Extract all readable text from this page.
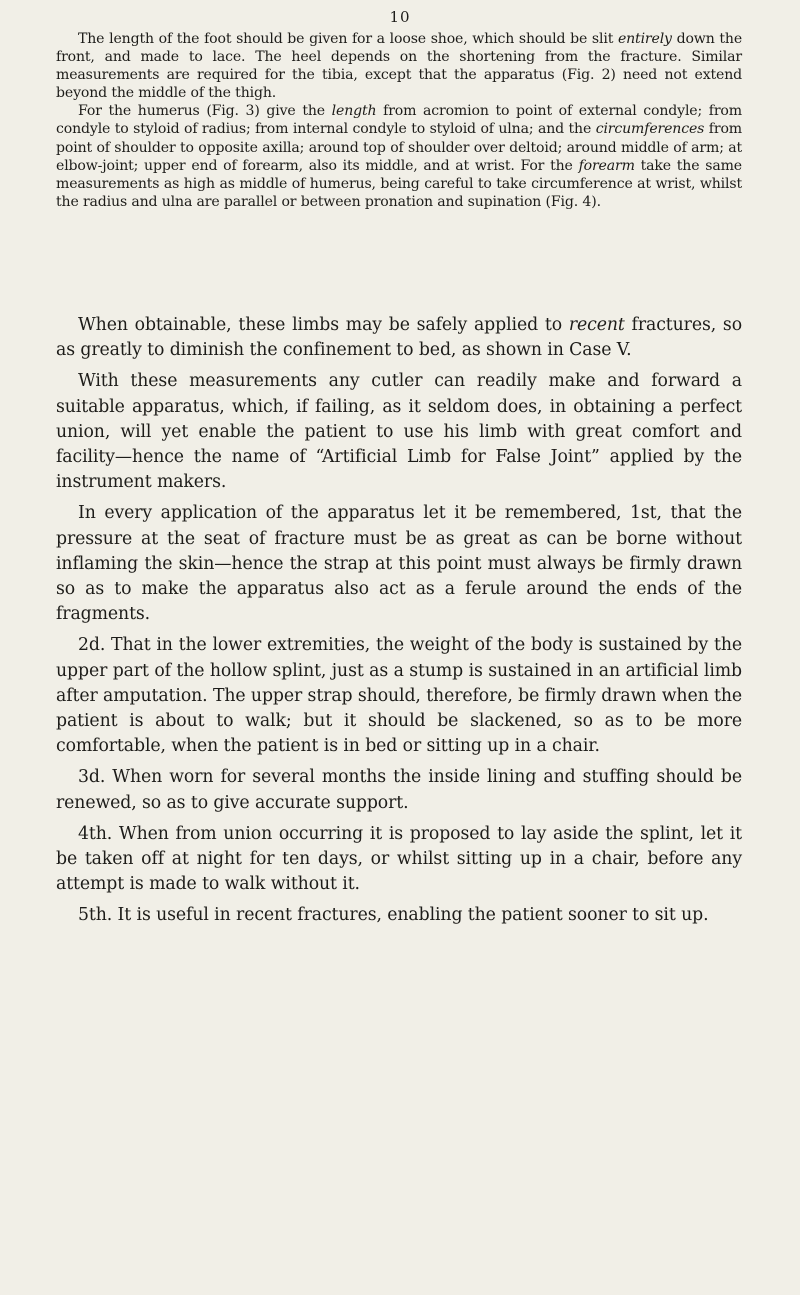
10

The length of the foot should be given for a loose shoe, which should be slit entirely down the front, and made to lace. The heel depends on the shortening from the fracture. Similar measurements are required for the tibia, except that the apparatus (Fig. 2) need not extend beyond the middle of the thigh.

For the humerus (Fig. 3) give the length from acromion to point of external condyle; from condyle to styloid of radius; from internal condyle to styloid of ulna; and the circumferences from point of shoulder to opposite axilla; around top of shoulder over deltoid; around middle of arm; at elbow-joint; upper end of forearm, also its middle, and at wrist. For the forearm take the same measurements as high as middle of humerus, being careful to take circumference at wrist, whilst the radius and ulna are parallel or between pronation and supination (Fig. 4).

When obtainable, these limbs may be safely applied to recent fractures, so as greatly to diminish the confinement to bed, as shown in Case V.

With these measurements any cutler can readily make and forward a suitable apparatus, which, if failing, as it seldom does, in obtaining a perfect union, will yet enable the patient to use his limb with great comfort and facility—hence the name of “Artificial Limb for False Joint” applied by the instrument makers.

In every application of the apparatus let it be remembered, 1st, that the pressure at the seat of fracture must be as great as can be borne without inflaming the skin—hence the strap at this point must always be firmly drawn so as to make the apparatus also act as a ferule around the ends of the fragments.

2d. That in the lower extremities, the weight of the body is sustained by the upper part of the hollow splint, just as a stump is sustained in an artificial limb after amputation. The upper strap should, therefore, be firmly drawn when the patient is about to walk; but it should be slackened, so as to be more comfortable, when the patient is in bed or sitting up in a chair.

3d. When worn for several months the inside lining and stuffing should be renewed, so as to give accurate support.

4th. When from union occurring it is proposed to lay aside the splint, let it be taken off at night for ten days, or whilst sitting up in a chair, before any attempt is made to walk without it.

5th. It is useful in recent fractures, enabling the patient sooner to sit up.
